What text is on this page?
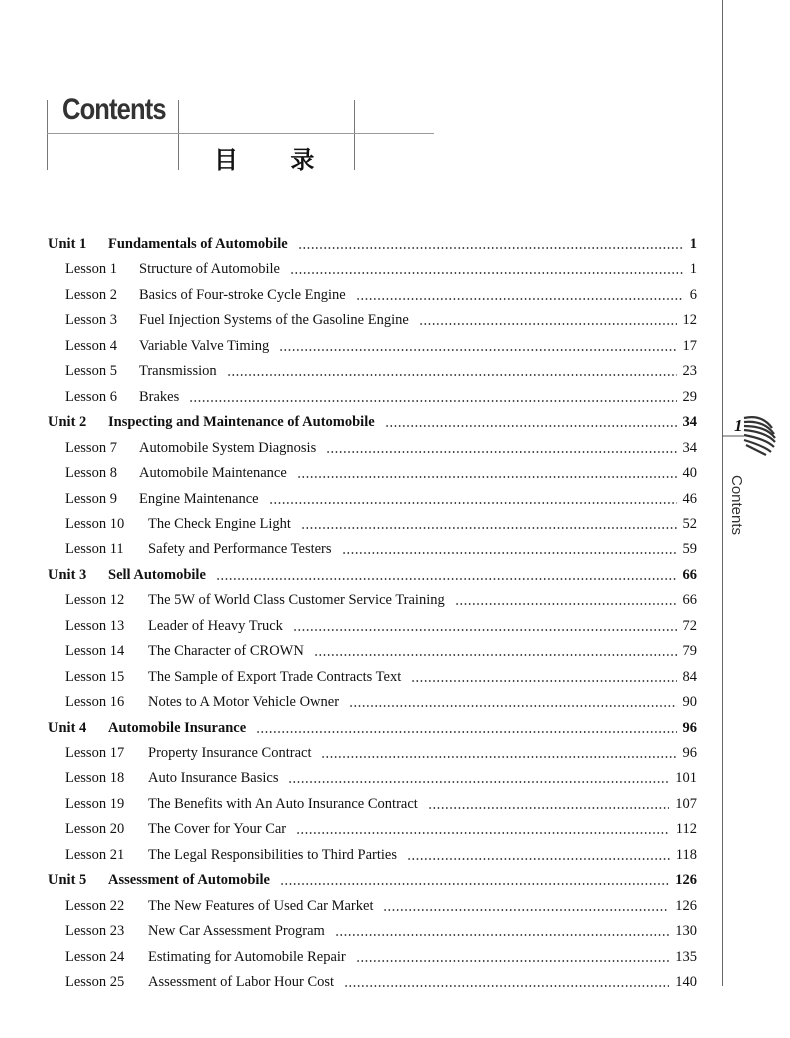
Contents
目 录
1
Contents
Unit 1 Fundamentals of Automobile	1
Lesson 1 Structure of Automobile	1
Lesson 2 Basics of Four-stroke Cycle Engine	6
Lesson 3 Fuel Injection Systems of the Gasoline Engine	12
Lesson 4 Variable Valve Timing	17
Lesson 5 Transmission	23
Lesson 6 Brakes	29
Unit 2 Inspecting and Maintenance of Automobile	34
Lesson 7 Automobile System Diagnosis	34
Lesson 8 Automobile Maintenance	40
Lesson 9 Engine Maintenance	46
Lesson 10 The Check Engine Light	52
Lesson 11 Safety and Performance Testers	59
Unit 3 Sell Automobile	66
Lesson 12 The 5W of World Class Customer Service Training	66
Lesson 13 Leader of Heavy Truck	72
Lesson 14 The Character of CROWN	79
Lesson 15 The Sample of Export Trade Contracts Text	84
Lesson 16 Notes to A Motor Vehicle Owner	90
Unit 4 Automobile Insurance	96
Lesson 17 Property Insurance Contract	96
Lesson 18 Auto Insurance Basics	101
Lesson 19 The Benefits with An Auto Insurance Contract	107
Lesson 20 The Cover for Your Car	112
Lesson 21 The Legal Responsibilities to Third Parties	118
Unit 5 Assessment of Automobile	126
Lesson 22 The New Features of Used Car Market	126
Lesson 23 New Car Assessment Program	130
Lesson 24 Estimating for Automobile Repair	135
Lesson 25 Assessment of Labor Hour Cost	140
